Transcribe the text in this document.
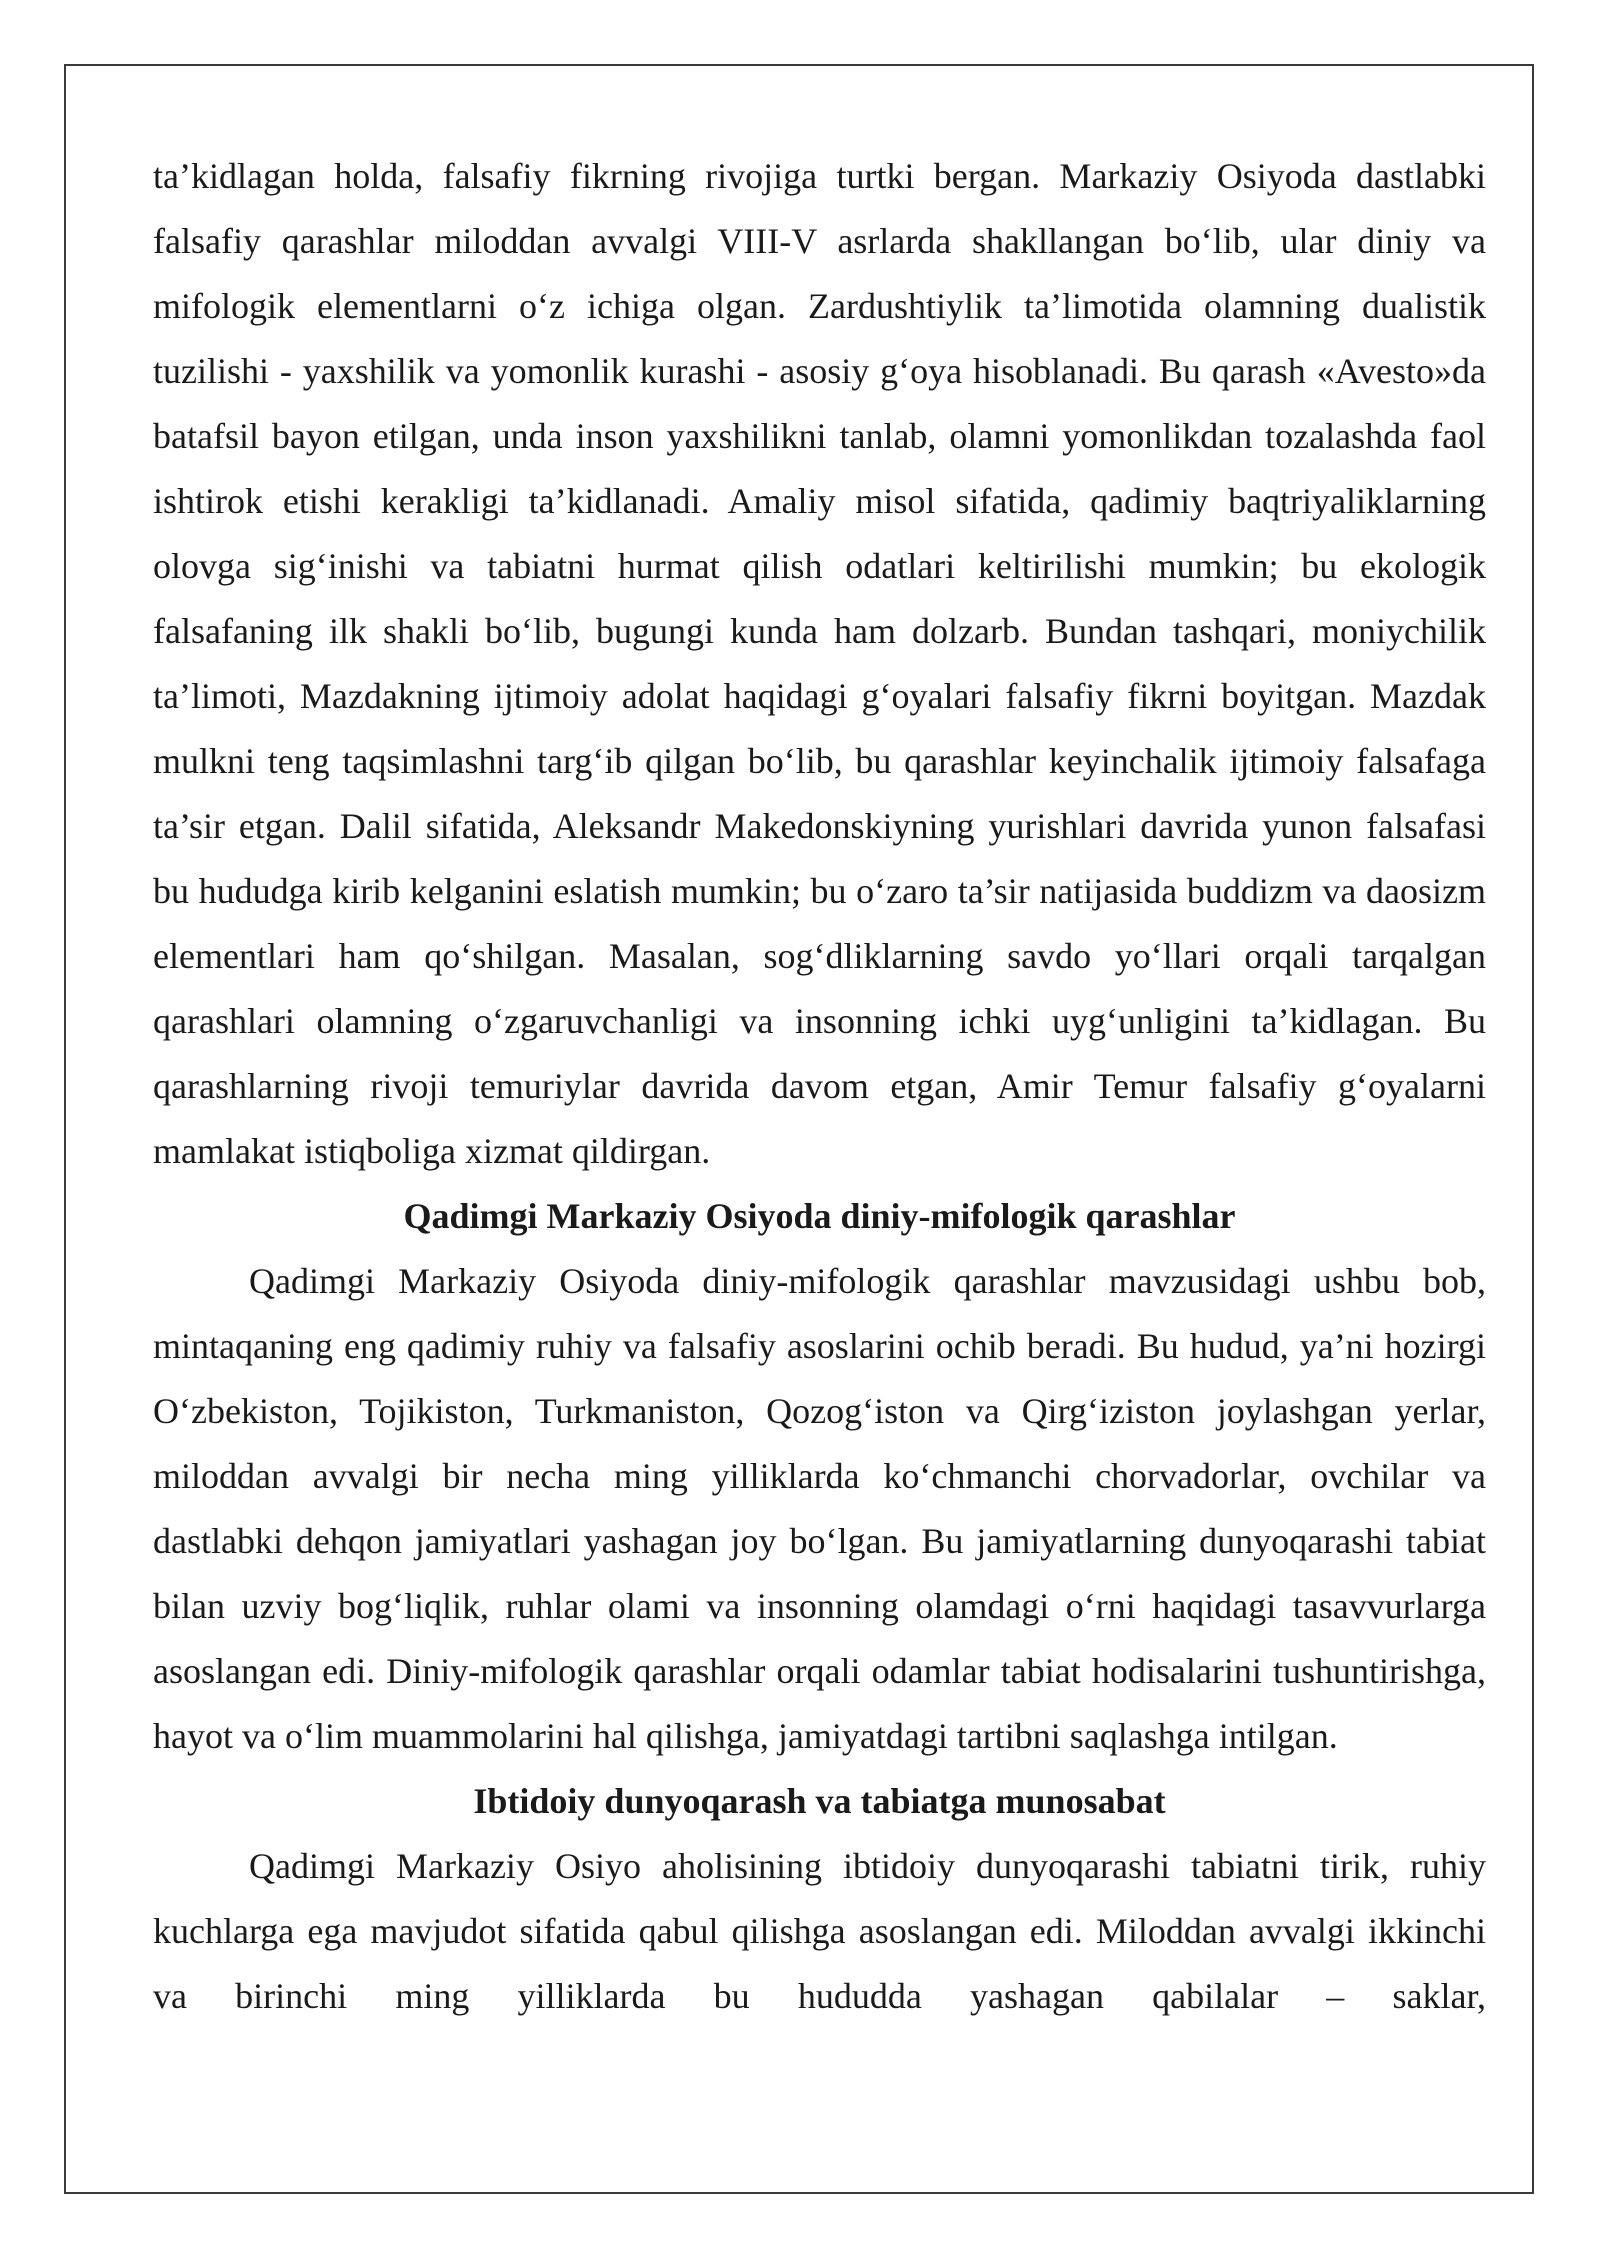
ta’kidlagan holda, falsafiy fikrning rivojiga turtki bergan. Markaziy Osiyoda dastlabki falsafiy qarashlar miloddan avvalgi VIII-V asrlarda shakllangan bo‘lib, ular diniy va mifologik elementlarni o‘z ichiga olgan. Zardushtiylik ta’limotida olamning dualistik tuzilishi - yaxshilik va yomonlik kurashi - asosiy g‘oya hisoblanadi. Bu qarash «Avesto»da batafsil bayon etilgan, unda inson yaxshilikni tanlab, olamni yomonlikdan tozalashda faol ishtirok etishi kerakligi ta’kidlanadi. Amaliy misol sifatida, qadimiy baqtriyaliklarning olovga sig‘inishi va tabiatni hurmat qilish odatlari keltirilishi mumkin; bu ekologik falsafaning ilk shakli bo‘lib, bugungi kunda ham dolzarb. Bundan tashqari, moniychilik ta’limoti, Mazdakning ijtimoiy adolat haqidagi g‘oyalari falsafiy fikrni boyitgan. Mazdak mulkni teng taqsimlashni targ‘ib qilgan bo‘lib, bu qarashlar keyinchalik ijtimoiy falsafaga ta’sir etgan. Dalil sifatida, Aleksandr Makedonskiyning yurishlari davrida yunon falsafasi bu hududga kirib kelganini eslatish mumkin; bu o‘zaro ta’sir natijasida buddizm va daosizm elementlari ham qo‘shilgan. Masalan, sog‘dliklarning savdo yo‘llari orqali tarqalgan qarashlari olamning o‘zgaruvchanligi va insonning ichki uyg‘unligini ta’kidlagan. Bu qarashlarning rivoji temuriylar davrida davom etgan, Amir Temur falsafiy g‘oyalarni mamlakat istiqboliga xizmat qildirgan.

Qadimgi Markaziy Osiyoda diniy-mifologik qarashlar

Qadimgi Markaziy Osiyoda diniy-mifologik qarashlar mavzusidagi ushbu bob, mintaqaning eng qadimiy ruhiy va falsafiy asoslarini ochib beradi. Bu hudud, ya’ni hozirgi O‘zbekiston, Tojikiston, Turkmaniston, Qozog‘iston va Qirg‘iziston joylashgan yerlar, miloddan avvalgi bir necha ming yilliklarda ko‘chmanchi chorvadorlar, ovchilar va dastlabki dehqon jamiyatlari yashagan joy bo‘lgan. Bu jamiyatlarning dunyoqarashi tabiat bilan uzviy bog‘liqlik, ruhlar olami va insonning olamdagi o‘rni haqidagi tasavvurlarga asoslangan edi. Diniy-mifologik qarashlar orqali odamlar tabiat hodisalarini tushuntirishga, hayot va o‘lim muammolarini hal qilishga, jamiyatdagi tartibni saqlashga intilgan.

Ibtidoiy dunyoqarash va tabiatga munosabat

Qadimgi Markaziy Osiyo aholisining ibtidoiy dunyoqarashi tabiatni tirik, ruhiy kuchlarga ega mavjudot sifatida qabul qilishga asoslangan edi. Miloddan avvalgi ikkinchi va birinchi ming yilliklarda bu hududda yashagan qabilalar – saklar,
